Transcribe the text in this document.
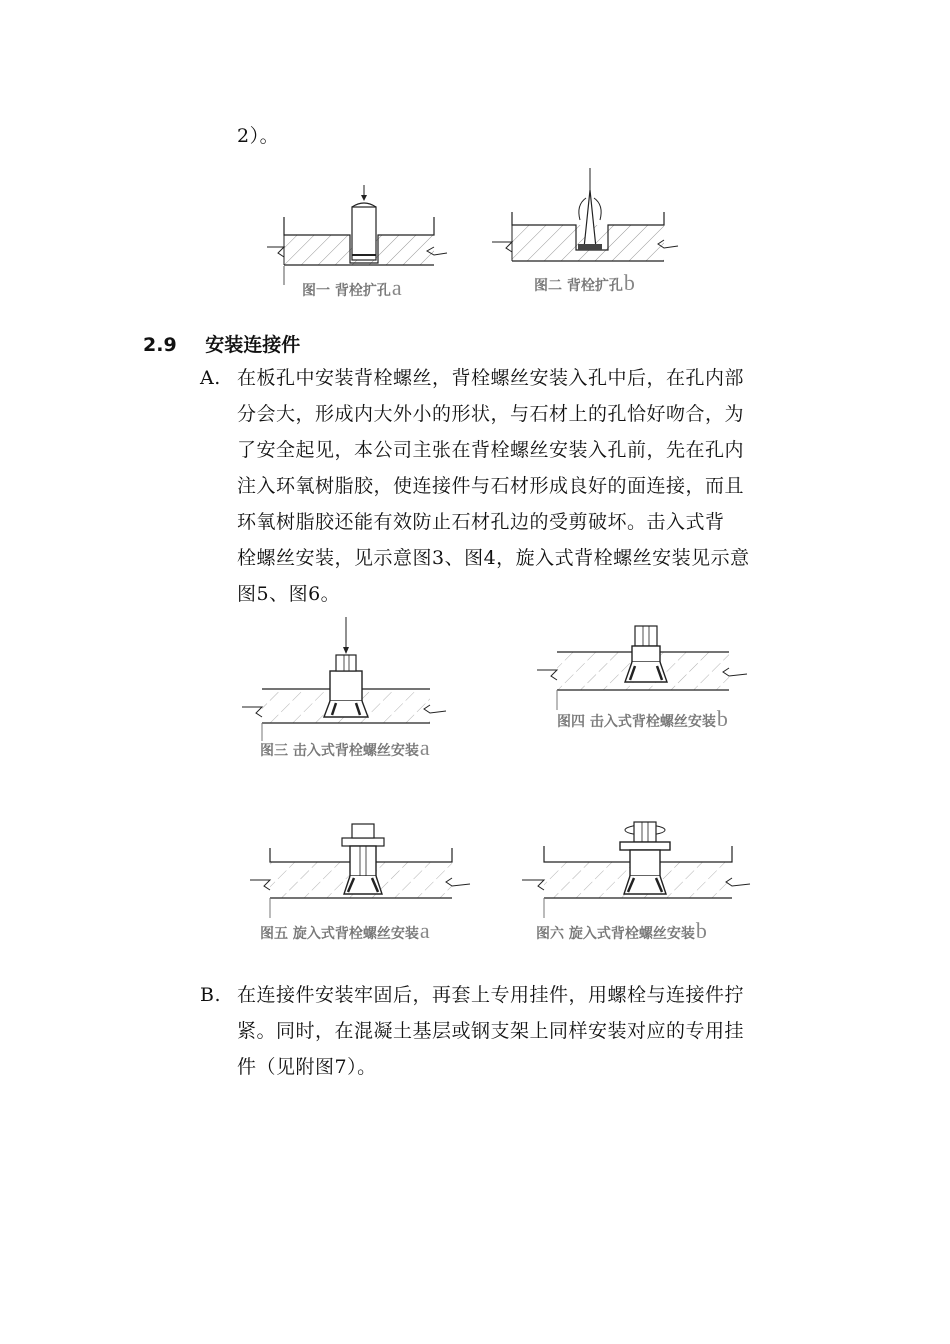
2）。
图一 背栓扩孔a	图二 背栓扩孔b
2.9 安装连接件
A. 在板孔中安装背栓螺丝，背栓螺丝安装入孔中后，在孔内部
分会大，形成内大外小的形状，与石材上的孔恰好吻合，为
了安全起见，本公司主张在背栓螺丝安装入孔前，先在孔内
注入环氧树脂胶，使连接件与石材形成良好的面连接，而且
环氧树脂胶还能有效防止石材孔边的受剪破坏。击入式背
栓螺丝安装，见示意图3、图4，旋入式背栓螺丝安装见示意
图5、图6。
图三 击入式背栓螺丝安装a
图四 击入式背栓螺丝安装b
图五 旋入式背栓螺丝安装a	图六 旋入式背栓螺丝安装b
B. 在连接件安装牢固后，再套上专用挂件，用螺栓与连接件拧
紧。同时，在混凝土基层或钢支架上同样安装对应的专用挂
件（见附图7）。
